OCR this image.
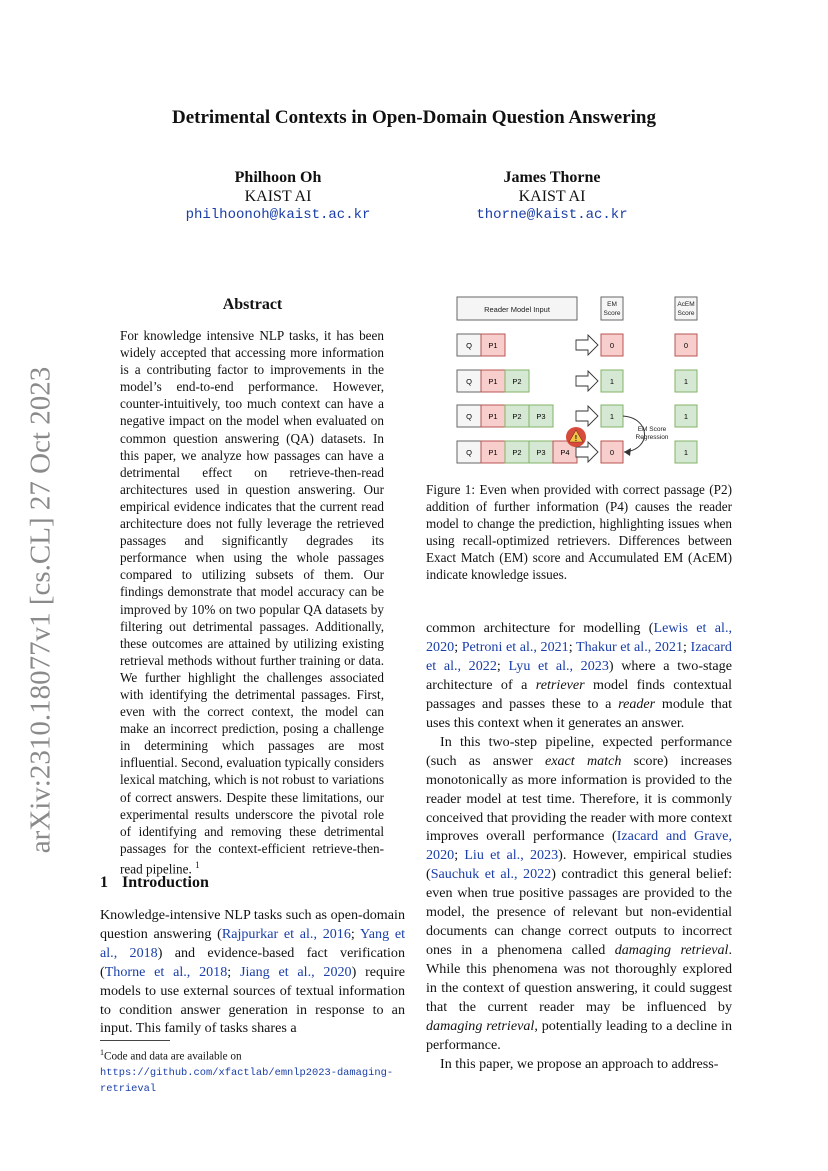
arXiv:2310.18077v1 [cs.CL] 27 Oct 2023
Detrimental Contexts in Open-Domain Question Answering
Philhoon Oh
KAIST AI
philhoonoh@kaist.ac.kr
James Thorne
KAIST AI
thorne@kaist.ac.kr
Abstract

For knowledge intensive NLP tasks, it has been widely accepted that accessing more information is a contributing factor to improvements in the model’s end-to-end performance. However, counter-intuitively, too much context can have a negative impact on the model when evaluated on common question answering (QA) datasets. In this paper, we analyze how passages can have a detrimental effect on retrieve-then-read architectures used in question answering. Our empirical evidence indicates that the current read architecture does not fully leverage the retrieved passages and significantly degrades its performance when using the whole passages compared to utilizing subsets of them. Our findings demonstrate that model accuracy can be improved by 10% on two popular QA datasets by filtering out detrimental passages. Additionally, these outcomes are attained by utilizing existing retrieval methods without further training or data. We further highlight the challenges associated with identifying the detrimental passages. First, even with the correct context, the model can make an incorrect prediction, posing a challenge in determining which passages are most influential. Second, evaluation typically considers lexical matching, which is not robust to variations of correct answers. Despite these limitations, our experimental results underscore the pivotal role of identifying and removing these detrimental passages for the context-efficient retrieve-then-read pipeline. $^1$

1 Introduction

Knowledge-intensive NLP tasks such as open-domain question answering (Rajpurkar et al., 2016; Yang et al., 2018) and evidence-based fact verification (Thorne et al., 2018; Jiang et al., 2020) require models to use external sources of textual information to condition answer generation in response to an input. This family of tasks shares a

$^1$Code and data are available on https://github.com/xfactlab/emnlp2023-damaging-retrieval

Reader Model Input
EM
Score
AcEM
Score
Q P1	0	0
Q P1 P2	1	1
Q P1 P2 P3	1	1
EM Score
Regression
Q P1 P2 P3 P4	0	1
!

Figure 1: Even when provided with correct passage (P2) addition of further information (P4) causes the reader model to change the prediction, highlighting issues when using recall-optimized retrievers. Differences between Exact Match (EM) score and Accumulated EM (AcEM) indicate knowledge issues.

common architecture for modelling (Lewis et al., 2020; Petroni et al., 2021; Thakur et al., 2021; Izacard et al., 2022; Lyu et al., 2023) where a two-stage architecture of a retriever model finds contextual passages and passes these to a reader module that uses this context when it generates an answer.

In this two-step pipeline, expected performance (such as answer exact match score) increases monotonically as more information is provided to the reader model at test time. Therefore, it is commonly conceived that providing the reader with more context improves overall performance (Izacard and Grave, 2020; Liu et al., 2023). However, empirical studies (Sauchuk et al., 2022) contradict this general belief: even when true positive passages are provided to the model, the presence of relevant but non-evidential documents can change correct outputs to incorrect ones in a phenomena called damaging retrieval. While this phenomena was not thoroughly explored in the context of question answering, it could suggest that the current reader may be influenced by damaging retrieval, potentially leading to a decline in performance.

In this paper, we propose an approach to address-
